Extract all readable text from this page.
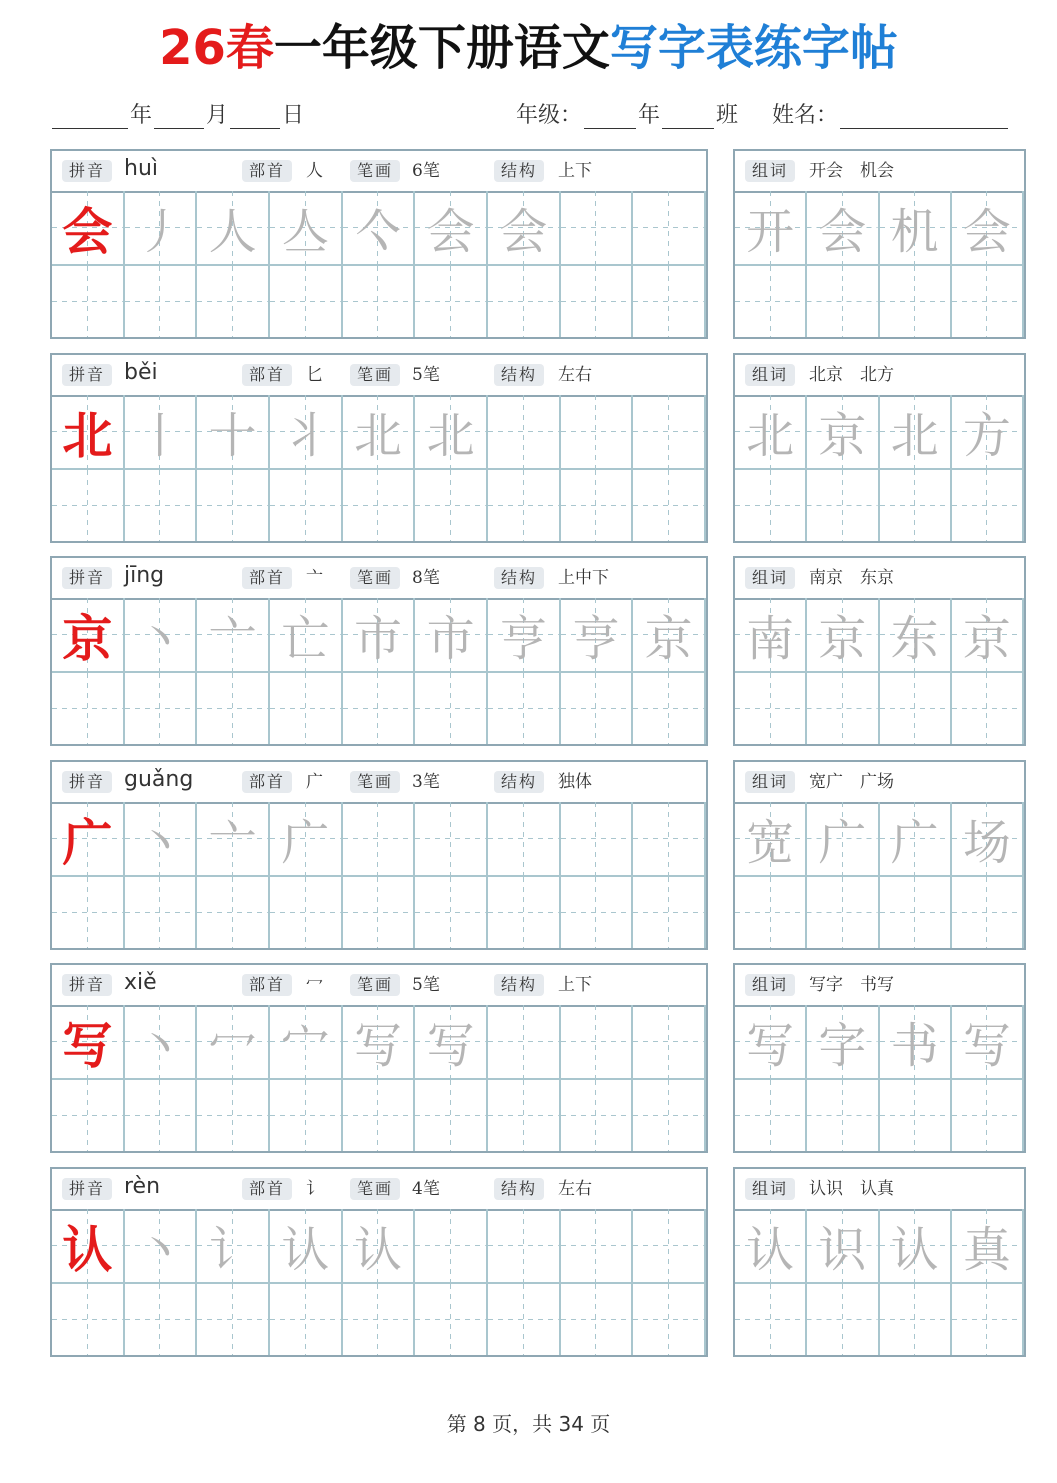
26春一年级下册语文写字表练字帖
年 月 日	年级：	年	班 姓名：
拼音 huì	部首	人	笔画	6笔	结构	上下
会 丿 人 亼 亽 会 会
组词	开会　机会
开 会 机 会
拼音 běi	部首	匕	笔画	5笔	结构	左右
北 丨 十 丬 北 北
组词	北京　北方
北 京 北 方
拼音 jīng	部首	亠	笔画	8笔	结构	上中下
京 丶 亠 亡 市 市 亨 亨 京
组词	南京　东京
南 京 东 京
拼音 guǎng	部首	广	笔画	3笔	结构	独体
广 丶 亠 广
组词	宽广　广场
宽 广 广 场
拼音 xiě	部首	冖	笔画	5笔	结构	上下
写 丶 冖 宀 写 写
组词	写字　书写
写 字 书 写
拼音 rèn	部首	讠	笔画	4笔	结构	左右
认 丶 讠 认 认
组词	认识　认真
认 识 认 真
第 8 页，共 34 页
